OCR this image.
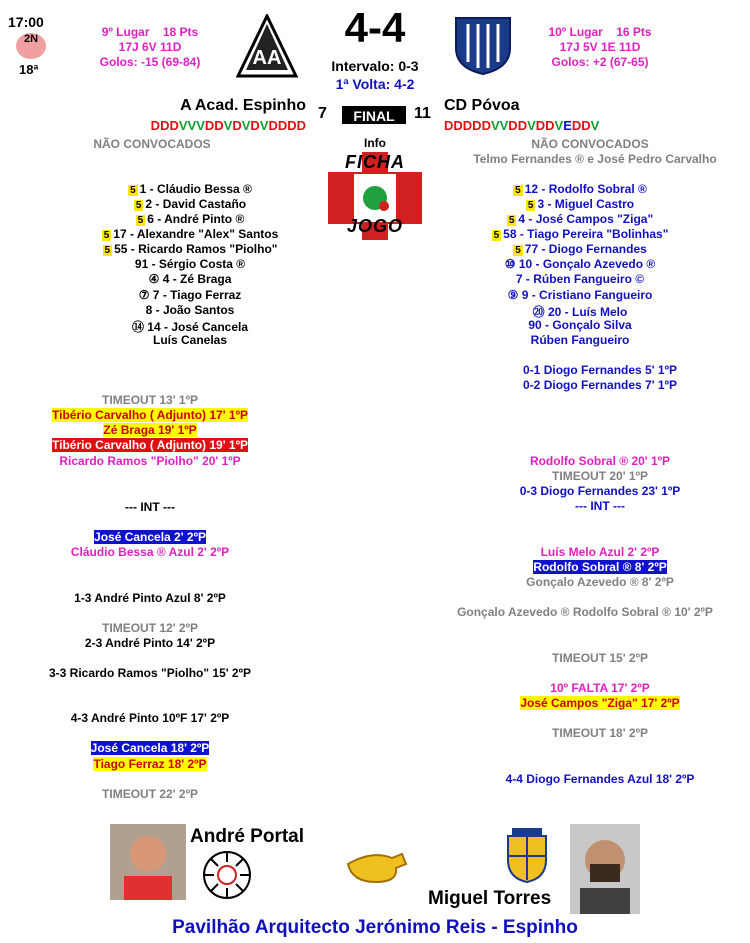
17:00
2N
18ª
9º Lugar 18 Pts
17J 6V 11D
Golos: -15 (69-84)	AA
4-4
Intervalo: 0-3
1ª Volta: 4-2
10º Lugar 16 Pts
17J 5V 1E 11D
Golos: +2 (67-65)
A Acad. Espinho 7	FINAL	11 CD Póvoa
DDDVVVDDVDVDVDDDD	DDDDDVVDDVDDVEDDV
NÃO CONVOCADOS	NÃO CONVOCADOS
Telmo Fernandes ® e José Pedro Carvalho
Info
FICHA
JOGO
5 1 - Cláudio Bessa ®
5 2 - David Castaño
5 6 - André Pinto ®
5 17 - Alexandre "Alex" Santos
5 55 - Ricardo Ramos "Piolho"
91 - Sérgio Costa ®
④ 4 - Zé Braga
⑦ 7 - Tiago Ferraz
8 - João Santos
⑭ 14 - José Cancela
Luís Canelas
5 12 - Rodolfo Sobral ®
5 3 - Miguel Castro
5 4 - José Campos "Ziga"
5 58 - Tiago Pereira "Bolinhas"
5 77 - Diogo Fernandes
⑩ 10 - Gonçalo Azevedo ®
7 - Rúben Fangueiro ©
⑨ 9 - Cristiano Fangueiro
⑳ 20 - Luís Melo
90 - Gonçalo Silva
Rúben Fangueiro
TIMEOUT 13' 1ºP
Tibério Carvalho ( Adjunto) 17' 1ºP
Zé Braga 19' 1ºP
Tibério Carvalho ( Adjunto) 19' 1ºP
Ricardo Ramos "Piolho" 20' 1ºP
--- INT ---
José Cancela 2' 2ºP
Cláudio Bessa ® Azul 2' 2ºP
1-3 André Pinto Azul 8' 2ºP
TIMEOUT 12' 2ºP
2-3 André Pinto 14' 2ºP
3-3 Ricardo Ramos "Piolho" 15' 2ºP
4-3 André Pinto 10ºF 17' 2ºP
José Cancela 18' 2ºP
Tiago Ferraz 18' 2ºP
TIMEOUT 22' 2ºP
0-1 Diogo Fernandes 5' 1ºP
0-2 Diogo Fernandes 7' 1ºP
Rodolfo Sobral ® 20' 1ºP
TIMEOUT 20' 1ºP
0-3 Diogo Fernandes 23' 1ºP
--- INT ---
Luís Melo Azul 2' 2ºP
Rodolfo Sobral ® 8' 2ºP
Gonçalo Azevedo ® 8' 2ºP
Gonçalo Azevedo ® Rodolfo Sobral ® 10' 2ºP
TIMEOUT 15' 2ºP
10º FALTA 17' 2ºP
José Campos "Ziga" 17' 2ºP
TIMEOUT 18' 2ºP
4-4 Diogo Fernandes Azul 18' 2ºP
André Portal
Miguel Torres
Pavilhão Arquitecto Jerónimo Reis - Espinho
